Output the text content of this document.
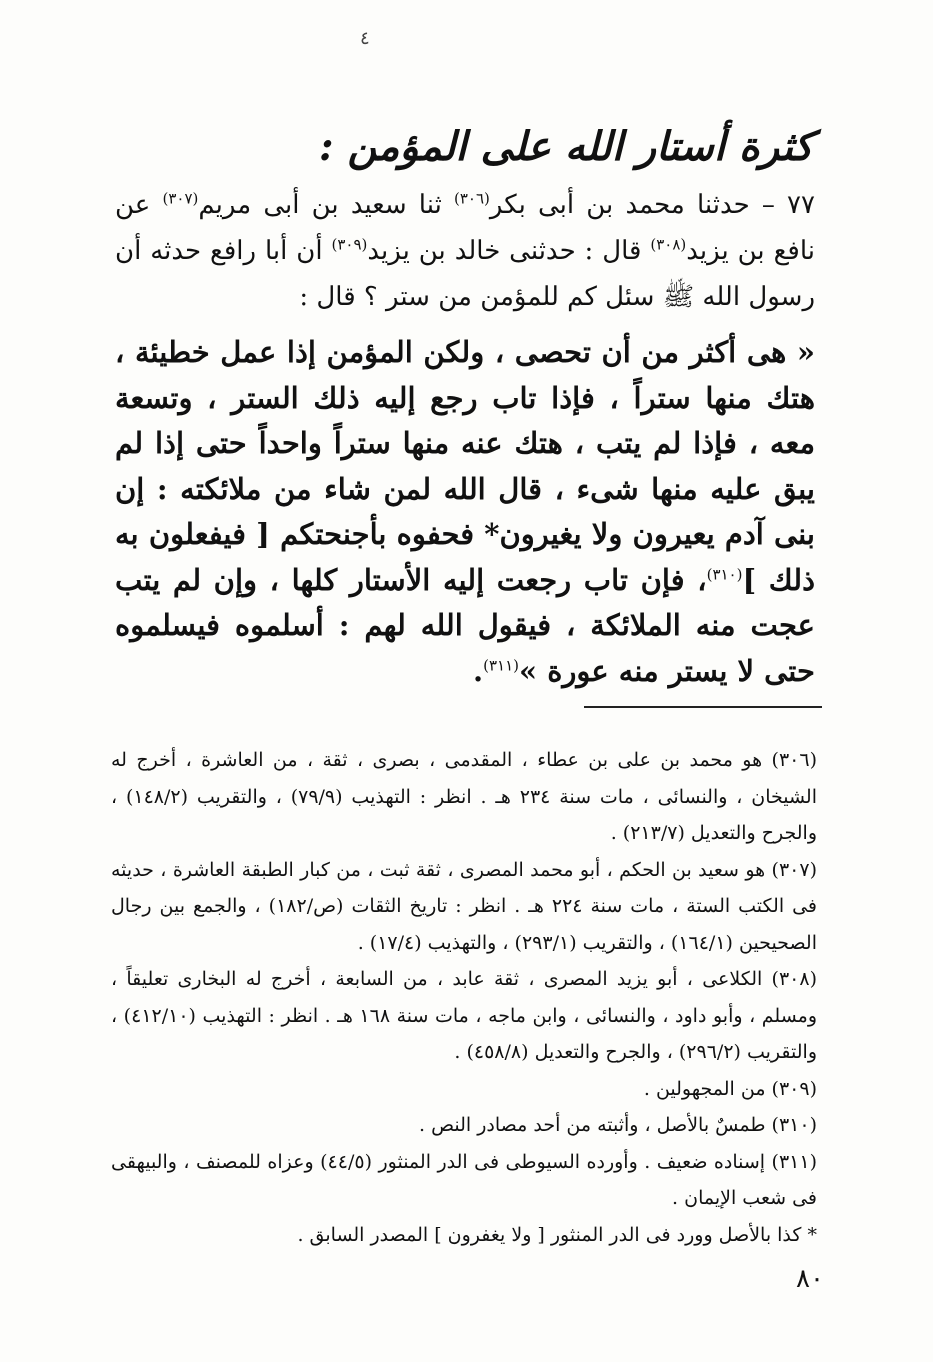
٤
كثرة أستار الله على المؤمن :

٧٧ – حدثنا محمد بن أبى بكر$^{(٣٠٦)}$ ثنا سعيد بن أبى مريم$^{(٣٠٧)}$ عن نافع بن يزيد$^{(٣٠٨)}$ قال : حدثنى خالد بن يزيد$^{(٣٠٩)}$ أن أبا رافع حدثه أن رسول الله ﷺ سئل كم للمؤمن من ستر ؟ قال :

« هى أكثر من أن تحصى ، ولكن المؤمن إذا عمل خطيئة ، هتك منها ستراً ، فإذا تاب رجع إليه ذلك الستر ، وتسعة معه ، فإذا لم يتب ، هتك عنه منها ستراً واحداً حتى إذا لم يبق عليه منها شىء ، قال الله لمن شاء من ملائكته : إن بنى آدم يعيرون ولا يغيرون* فحفوه بأجنحتكم [ فيفعلون به ذلك ]$^{(٣١٠)}$، فإن تاب رجعت إليه الأستار كلها ، وإن لم يتب عجت منه الملائكة ، فيقول الله لهم : أسلموه فيسلموه حتى لا يستر منه عورة »$^{(٣١١)}$.

(٣٠٦) هو محمد بن على بن عطاء ، المقدمى ، بصرى ، ثقة ، من العاشرة ، أخرج له الشيخان ، والنسائى ، مات سنة ٢٣٤ هـ . انظر : التهذيب (٧٩/٩) ، والتقريب (١٤٨/٢) ، والجرح والتعديل (٢١٣/٧) .

(٣٠٧) هو سعيد بن الحكم ، أبو محمد المصرى ، ثقة ثبت ، من كبار الطبقة العاشرة ، حديثه فى الكتب الستة ، مات سنة ٢٢٤ هـ . انظر : تاريخ الثقات (ص/١٨٢) ، والجمع بين رجال الصحيحين (١٦٤/١) ، والتقريب (٢٩٣/١) ، والتهذيب (١٧/٤) .

(٣٠٨) الكلاعى ، أبو يزيد المصرى ، ثقة عابد ، من السابعة ، أخرج له البخارى تعليقاً ، ومسلم ، وأبو داود ، والنسائى ، وابن ماجه ، مات سنة ١٦٨ هـ . انظر : التهذيب (٤١٢/١٠) ، والتقريب (٢٩٦/٢) ، والجرح والتعديل (٤٥٨/٨) .

(٣٠٩) من المجهولين .

(٣١٠) طمسٌ بالأصل ، وأثبته من أحد مصادر النص .

(٣١١) إسناده ضعيف . وأورده السيوطى فى الدر المنثور (٤٤/٥) وعزاه للمصنف ، والبيهقى فى شعب الإيمان .

* كذا بالأصل وورد فى الدر المنثور [ ولا يغفرون ] المصدر السابق .

٨٠
